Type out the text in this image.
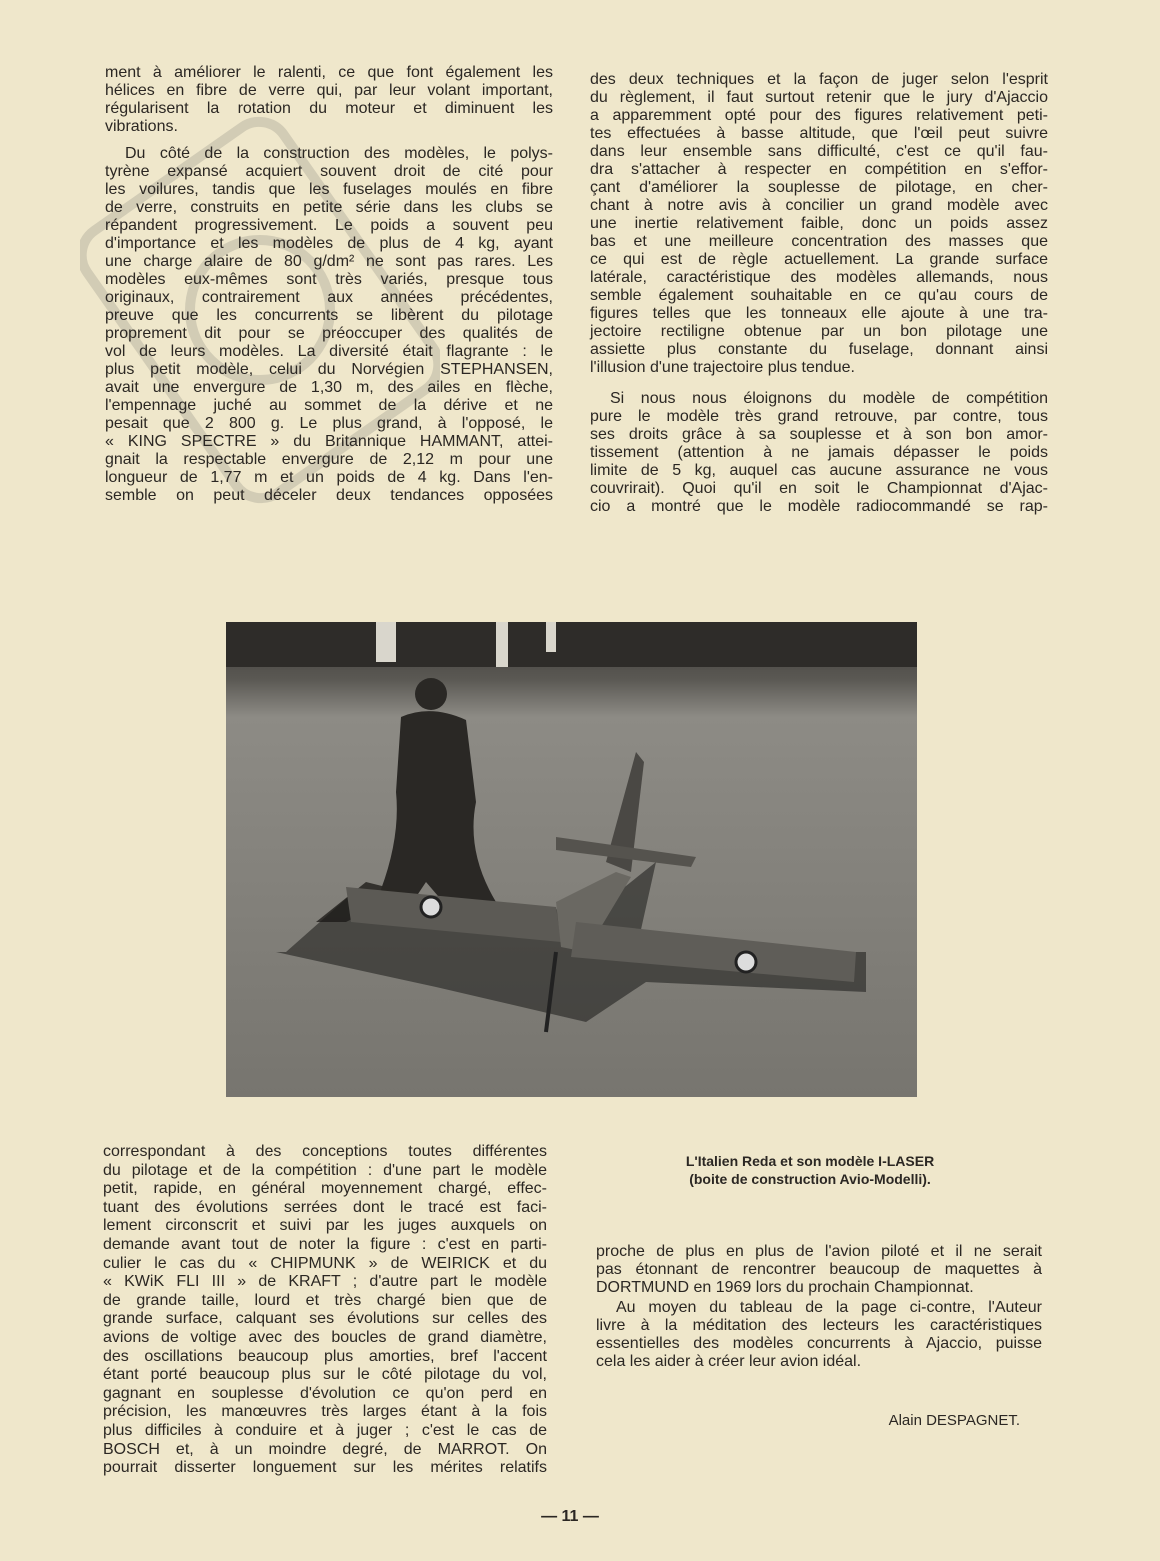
ment à améliorer le ralenti, ce que font également les
hélices en fibre de verre qui, par leur volant important,
régularisent la rotation du moteur et diminuent les
vibrations.
Du côté de la construction des modèles, le polys-
tyrène expansé acquiert souvent droit de cité pour
les voilures, tandis que les fuselages moulés en fibre
de verre, construits en petite série dans les clubs se
répandent progressivement. Le poids a souvent peu
d'importance et les modèles de plus de 4 kg, ayant
une charge alaire de 80 g/dm² ne sont pas rares. Les
modèles eux-mêmes sont très variés, presque tous
originaux, contrairement aux années précédentes,
preuve que les concurrents se libèrent du pilotage
proprement dit pour se préoccuper des qualités de
vol de leurs modèles. La diversité était flagrante : le
plus petit modèle, celui du Norvégien STEPHANSEN,
avait une envergure de 1,30 m, des ailes en flèche,
l'empennage juché au sommet de la dérive et ne
pesait que 2 800 g. Le plus grand, à l'opposé, le
« KING SPECTRE » du Britannique HAMMANT, attei-
gnait la respectable envergure de 2,12 m pour une
longueur de 1,77 m et un poids de 4 kg. Dans l'en-
semble on peut déceler deux tendances opposées
des deux techniques et la façon de juger selon l'esprit
du règlement, il faut surtout retenir que le jury d'Ajaccio
a apparemment opté pour des figures relativement peti-
tes effectuées à basse altitude, que l'œil peut suivre
dans leur ensemble sans difficulté, c'est ce qu'il fau-
dra s'attacher à respecter en compétition en s'effor-
çant d'améliorer la souplesse de pilotage, en cher-
chant à notre avis à concilier un grand modèle avec
une inertie relativement faible, donc un poids assez
bas et une meilleure concentration des masses que
ce qui est de règle actuellement. La grande surface
latérale, caractéristique des modèles allemands, nous
semble également souhaitable en ce qu'au cours de
figures telles que les tonneaux elle ajoute à une tra-
jectoire rectiligne obtenue par un bon pilotage une
assiette plus constante du fuselage, donnant ainsi
l'illusion d'une trajectoire plus tendue.
Si nous nous éloignons du modèle de compétition
pure le modèle très grand retrouve, par contre, tous
ses droits grâce à sa souplesse et à son bon amor-
tissement (attention à ne jamais dépasser le poids
limite de 5 kg, auquel cas aucune assurance ne vous
couvrirait). Quoi qu'il en soit le Championnat d'Ajac-
cio a montré que le modèle radiocommandé se rap-
correspondant à des conceptions toutes différentes
du pilotage et de la compétition : d'une part le modèle
petit, rapide, en général moyennement chargé, effec-
tuant des évolutions serrées dont le tracé est faci-
lement circonscrit et suivi par les juges auxquels on
demande avant tout de noter la figure : c'est en parti-
culier le cas du « CHIPMUNK » de WEIRICK et du
« KWiK FLI III » de KRAFT ; d'autre part le modèle
de grande taille, lourd et très chargé bien que de
grande surface, calquant ses évolutions sur celles des
avions de voltige avec des boucles de grand diamètre,
des oscillations beaucoup plus amorties, bref l'accent
étant porté beaucoup plus sur le côté pilotage du vol,
gagnant en souplesse d'évolution ce qu'on perd en
précision, les manœuvres très larges étant à la fois
plus difficiles à conduire et à juger ; c'est le cas de
BOSCH et, à un moindre degré, de MARROT. On
pourrait disserter longuement sur les mérites relatifs
L'Italien Reda et son modèle I-LASER
(boite de construction Avio-Modelli).
proche de plus en plus de l'avion piloté et il ne serait
pas étonnant de rencontrer beaucoup de maquettes à
DORTMUND en 1969 lors du prochain Championnat.
Au moyen du tableau de la page ci-contre, l'Auteur
livre à la méditation des lecteurs les caractéristiques
essentielles des modèles concurrents à Ajaccio, puisse
cela les aider à créer leur avion idéal.
Alain DESPAGNET.
— 11 —
